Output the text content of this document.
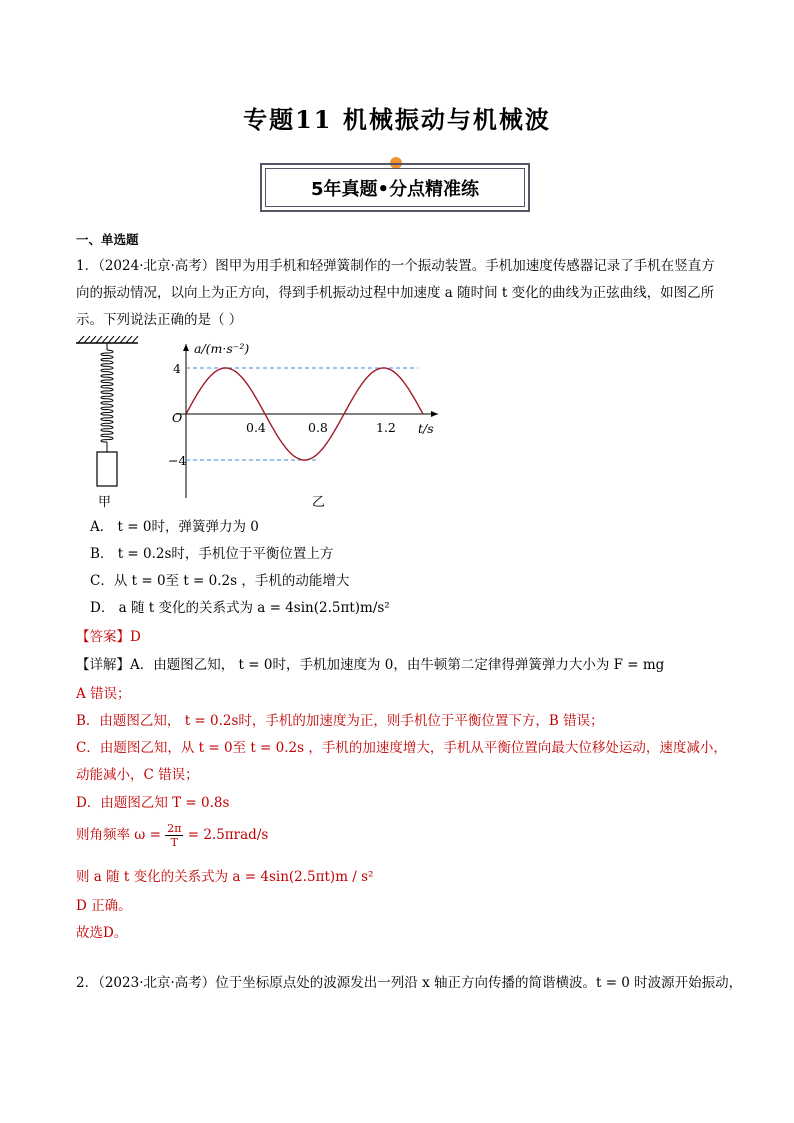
专题11 机械振动与机械波
5年真题•分点精准练
一、单选题
1．（2024·北京·高考）图甲为用手机和轻弹簧制作的一个振动装置。手机加速度传感器记录了手机在竖直方
向的振动情况，以向上为正方向，得到手机振动过程中加速度 a 随时间 t 变化的曲线为正弦曲线，如图乙所
示。下列说法正确的是（ ）
甲
a/(m·s⁻²)
t/s
O
4
−4
0.4	0.8	1.2
乙
A． t = 0时，弹簧弹力为 0
B． t = 0.2s时，手机位于平衡位置上方
C．从 t = 0至 t = 0.2s ，手机的动能增大
D． a 随 t 变化的关系式为 a = 4sin(2.5πt)m/s²
【答案】D
【详解】A．由题图乙知， t = 0时，手机加速度为 0，由牛顿第二定律得弹簧弹力大小为 F = mg
A 错误；
B．由题图乙知， t = 0.2s时，手机的加速度为正，则手机位于平衡位置下方，B 错误；
C．由题图乙知，从 t = 0至 t = 0.2s ，手机的加速度增大，手机从平衡位置向最大位移处运动，速度减小，
动能减小，C 错误；
D．由题图乙知 T = 0.8s
则角频率 $\omega = \frac{2\pi}{T} = 2.5\pi rad/s$
则 a 随 t 变化的关系式为 a = 4sin(2.5πt)m / s²
D 正确。
故选D。
2．（2023·北京·高考）位于坐标原点处的波源发出一列沿 x 轴正方向传播的简谐横波。t = 0 时波源开始振动，
